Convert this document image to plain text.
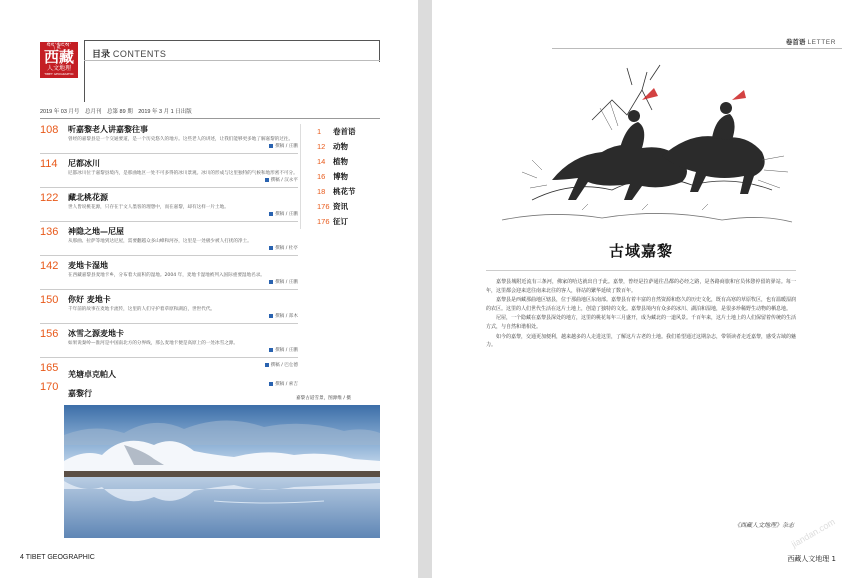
བོད་ལྗོངས་
西藏
人文地理
TIBET GEOGRAPHIC
目录 CONTENTS
2019 年 03 月号 总月刊 总第 89 期 2019 年 3 月 1 日出版
108 听嘉黎老人讲嘉黎往事
曾经的嘉黎县是一个交通要道，是一个历史悠久的地方。这些老人的讲述，让我们能够更多地了解嘉黎的过往。
撰稿 / 庄鹏
114 尼都冰川
尼都冰川位于嘉黎县境内，是那曲地区一处不可多得的冰川景观。冰川的形成与这里独特的气候和地形密不可分。
撰稿 / 汉永平
122 藏北桃花源
世人皆说桃花源，只存在于文人墨客的理想中，而在嘉黎，却有这样一片土地。
撰稿 / 庄鹏
136 神隐之地—尼屋
从那曲、拉萨等地到达尼屋，需要翻越众多山峰和河谷，这里是一处极少被人打扰的净土。
撰稿 / 杜亭
142 麦地卡湿地
在西藏嘉黎县麦地卡乡，分布着大面积的湿地。2004 年，麦地卡湿地被列入国际重要湿地名录。
撰稿 / 庄鹏
150 你好 麦地卡
千年前的故事在麦地卡流传，这里的人们守护着草原和湖泊，世世代代。
撰稿 / 郑木
156 冰雪之源麦地卡
如果说秦岭—淮河是中国南北方的分界线，那么麦地卡便是高原上的一处冰雪之源。
撰稿 / 庄鹏
165
羌塘卓克帕人
撰稿 / 巴仓德
170
嘉黎行
撰稿 / 索吉
1	卷首语
12	动物
14	植物
16	博物
18	桃花节
176 资讯
176 征订
嘉黎古道雪景，图源维 / 摄
4 TIBET GEOGRAPHIC
卷首语 LETTER
古域嘉黎

嘉黎县城附近流有三条河，佛家的哈达就出自于此。嘉黎，曾经是拉萨通往昌都的必经之路，是各路商旅和官员休憩停留的驿站。每一年，这里都会迎来送往南来北往的客人，驿站的繁华延续了数百年。

嘉黎县是西藏那曲地区辖县，位于那曲地区东南部。嘉黎县有着丰富的自然资源和悠久的历史文化，既有高寒的草原牧区，也有温暖湿润的农区。这里的人们世代生活在这片土地上，创造了独特的文化。嘉黎县境内有众多的冰川、湖泊和湿地，是很多珍稀野生动物的栖息地。

尼屋，一个隐藏在嘉黎县深处的地方，这里的桃花每年三月盛开，成为藏北的一道风景。千百年来，这片土地上的人们保留着传统的生活方式，与自然和谐相处。

如今的嘉黎，交通更加便利，越来越多的人走进这里，了解这片古老的土地。我们希望通过这期杂志，带领读者走近嘉黎，感受古域的魅力。

《西藏人文地理》杂志
jiandan.com
西藏人文地理 1
